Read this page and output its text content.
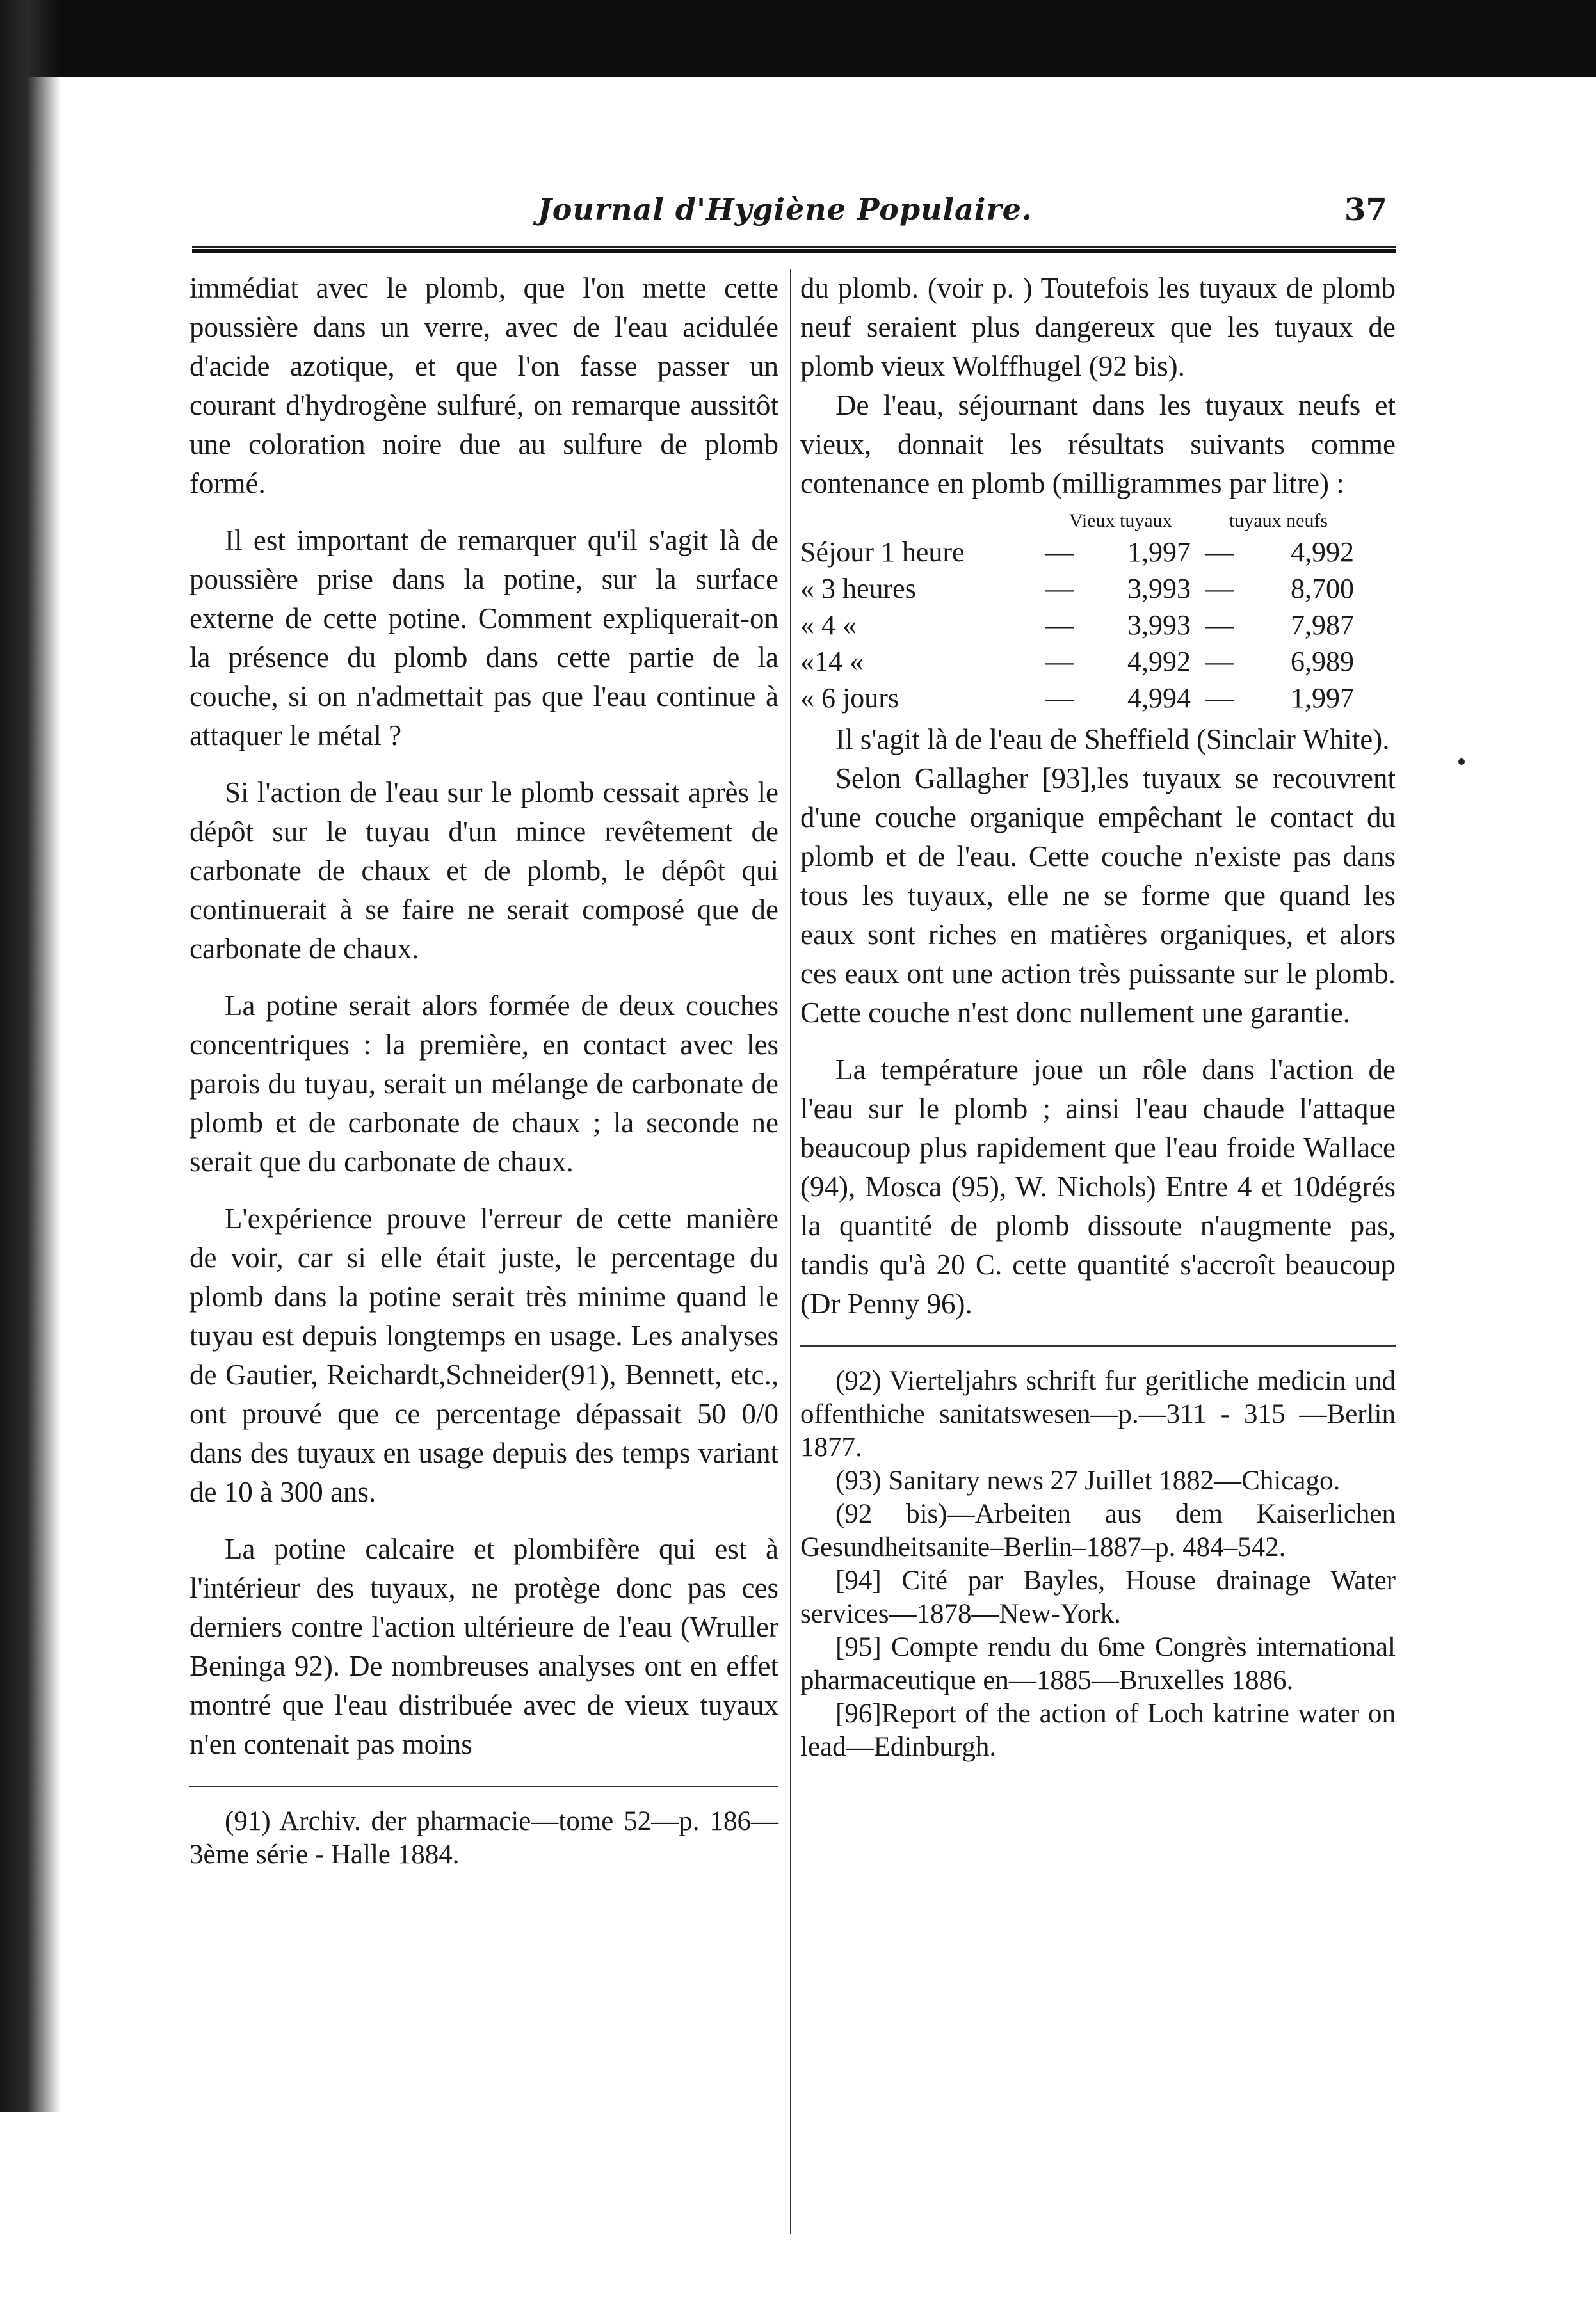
Journal d'Hygiène Populaire.	37

immédiat avec le plomb, que l'on mette cette poussière dans un verre, avec de l'eau acidulée d'acide azotique, et que l'on fasse passer un courant d'hydrogène sulfuré, on remarque aussitôt une coloration noire due au sulfure de plomb formé.

Il est important de remarquer qu'il s'agit là de poussière prise dans la potine, sur la surface externe de cette potine. Comment expliquerait-on la présence du plomb dans cette partie de la couche, si on n'admettait pas que l'eau continue à attaquer le métal ?

Si l'action de l'eau sur le plomb cessait après le dépôt sur le tuyau d'un mince revêtement de carbonate de chaux et de plomb, le dépôt qui continuerait à se faire ne serait composé que de carbonate de chaux.

La potine serait alors formée de deux couches concentriques : la première, en contact avec les parois du tuyau, serait un mélange de carbonate de plomb et de carbonate de chaux ; la seconde ne serait que du carbonate de chaux.

L'expérience prouve l'erreur de cette manière de voir, car si elle était juste, le percentage du plomb dans la potine serait très minime quand le tuyau est depuis longtemps en usage. Les analyses de Gautier, Reichardt,Schneider(91), Bennett, etc., ont prouvé que ce percentage dépassait 50 0/0 dans des tuyaux en usage depuis des temps variant de 10 à 300 ans.

La potine calcaire et plombifère qui est à l'intérieur des tuyaux, ne protège donc pas ces derniers contre l'action ultérieure de l'eau (Wruller Beninga 92). De nombreuses analyses ont en effet montré que l'eau distribuée avec de vieux tuyaux n'en contenait pas moins

(91) Archiv. der pharmacie—tome 52—p. 186—3ème série - Halle 1884.

du plomb. (voir p. ) Toutefois les tuyaux de plomb neuf seraient plus dangereux que les tuyaux de plomb vieux Wolffhugel (92 bis).

De l'eau, séjournant dans les tuyaux neufs et vieux, donnait les résultats suivants comme contenance en plomb (milligrammes par litre) :

Vieux tuyaux	tuyaux neufs
Séjour 1 heure	—	1,997 —	4,992
« 3 heures	—	3,993 —	8,700
« 4 «	—	3,993 —	7,987
«14 «	—	4,992 —	6,989
« 6 jours	—	4,994 —	1,997

Il s'agit là de l'eau de Sheffield (Sinclair White).

Selon Gallagher [93],les tuyaux se recouvrent d'une couche organique empêchant le contact du plomb et de l'eau. Cette couche n'existe pas dans tous les tuyaux, elle ne se forme que quand les eaux sont riches en matières organiques, et alors ces eaux ont une action très puissante sur le plomb. Cette couche n'est donc nullement une garantie.

La température joue un rôle dans l'action de l'eau sur le plomb ; ainsi l'eau chaude l'attaque beaucoup plus rapidement que l'eau froide Wallace (94), Mosca (95), W. Nichols) Entre 4 et 10dégrés la quantité de plomb dissoute n'augmente pas, tandis qu'à 20 C. cette quantité s'accroît beaucoup (Dr Penny 96).

(92) Vierteljahrs schrift fur geritliche medicin und offenthiche sanitatswesen—p.—311 - 315 —Berlin 1877.

(93) Sanitary news 27 Juillet 1882—Chicago.

(92 bis)—Arbeiten aus dem Kaiserlichen Gesundheitsanite–Berlin–1887–p. 484–542.

[94] Cité par Bayles, House drainage Water services—1878—New-York.

[95] Compte rendu du 6me Congrès international pharmaceutique en—1885—Bruxelles 1886.

[96]Report of the action of Loch katrine water on lead—Edinburgh.
